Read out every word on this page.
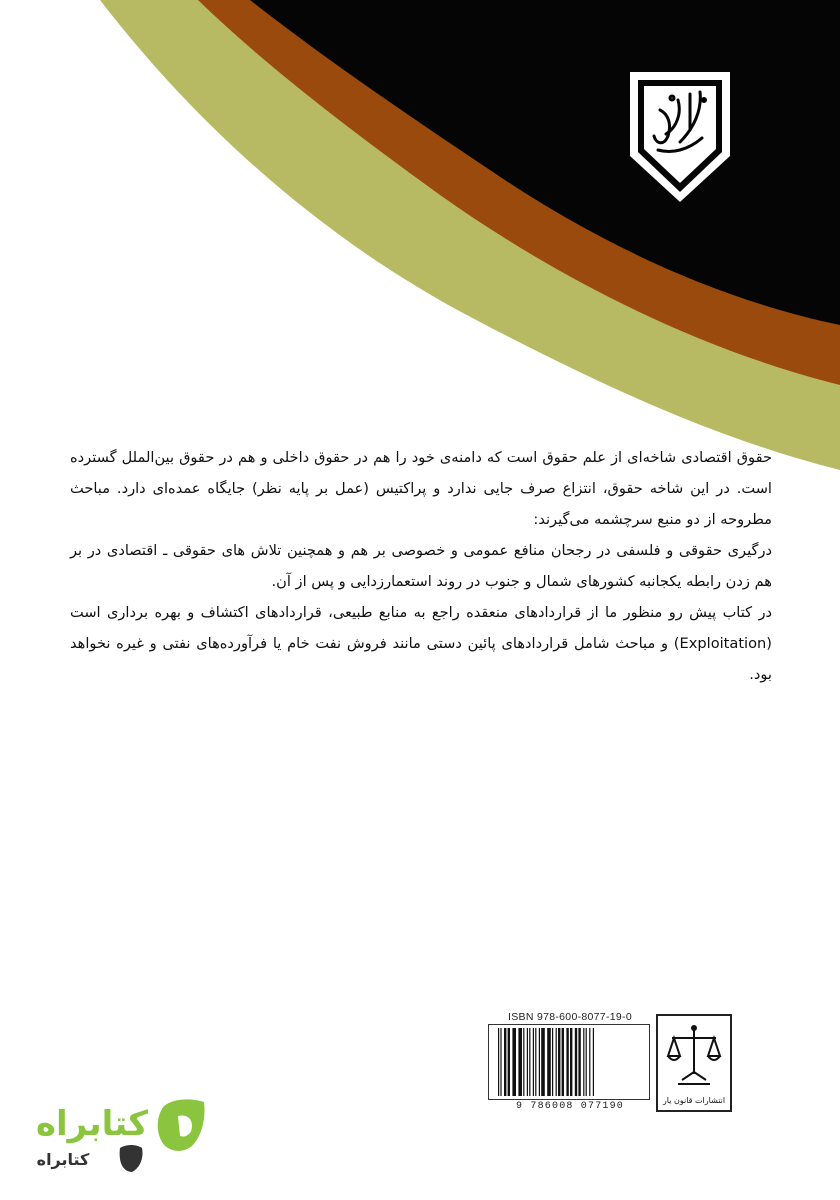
حقوق اقتصادی شاخه‌ای از علم حقوق است که دامنه‌ی خود را هم در حقوق داخلی و هم در حقوق بین‌الملل گسترده است. در این شاخه حقوق، انتزاع صرف جایی ندارد و پراکتیس (عمل بر پایه نظر) جایگاه عمده‌ای دارد. مباحث مطروحه از دو منبع سرچشمه می‌گیرند:

درگیری حقوقی و فلسفی در رجحان منافع عمومی و خصوصی بر هم و همچنین تلاش های حقوقی ـ اقتصادی در بر هم زدن رابطه یکجانبه کشورهای شمال و جنوب در روند استعمارزدایی و پس از آن.

در کتاب پیش رو منظور ما از قراردادهای منعقده راجع به منابع طبیعی، قراردادهای اکتشاف و بهره برداری است (Exploitation) و مباحث شامل قراردادهای پائین دستی مانند فروش نفت خام یا فرآورده‌های نفتی و غیره نخواهد بود.

ISBN 978-600-8077-19-0
9 786008 077190
انتشارات قانون یار
کتابراه
کتابراه
